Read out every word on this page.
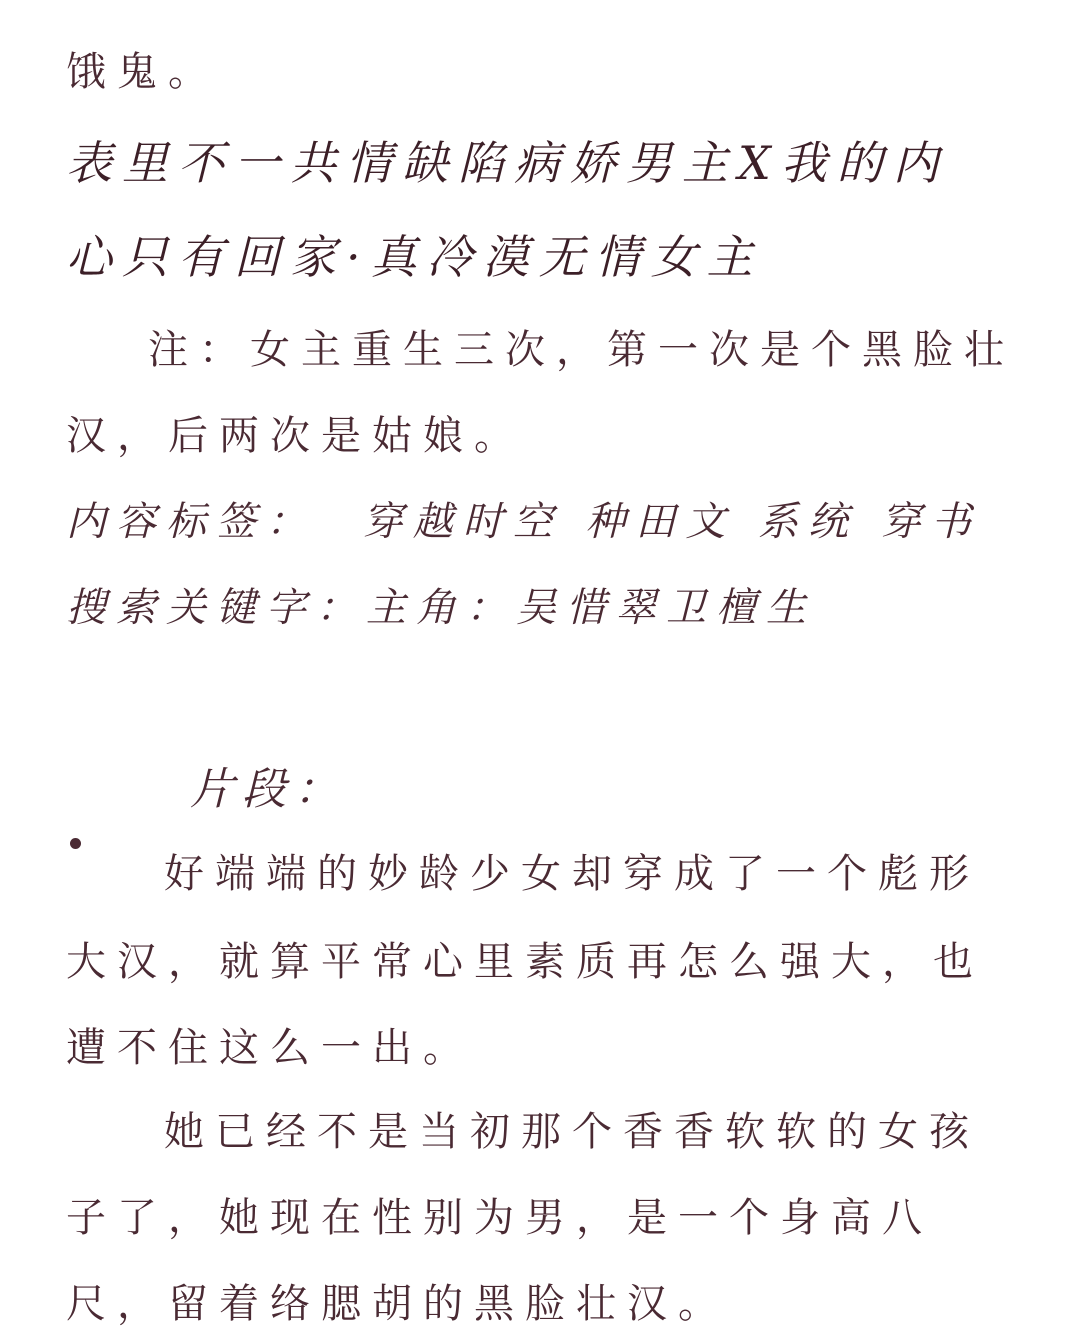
饿鬼。
表里不一共情缺陷病娇男主X我的内
心只有回家·真冷漠无情女主
注：女主重生三次，第一次是个黑脸壮
汉，后两次是姑娘。
内容标签： 穿越时空 种田文 系统 穿书
搜索关键字：主角：吴惜翠卫檀生
片段：
好端端的妙龄少女却穿成了一个彪形
大汉，就算平常心里素质再怎么强大，也
遭不住这么一出。
她已经不是当初那个香香软软的女孩
子了，她现在性别为男，是一个身高八
尺，留着络腮胡的黑脸壮汉。
